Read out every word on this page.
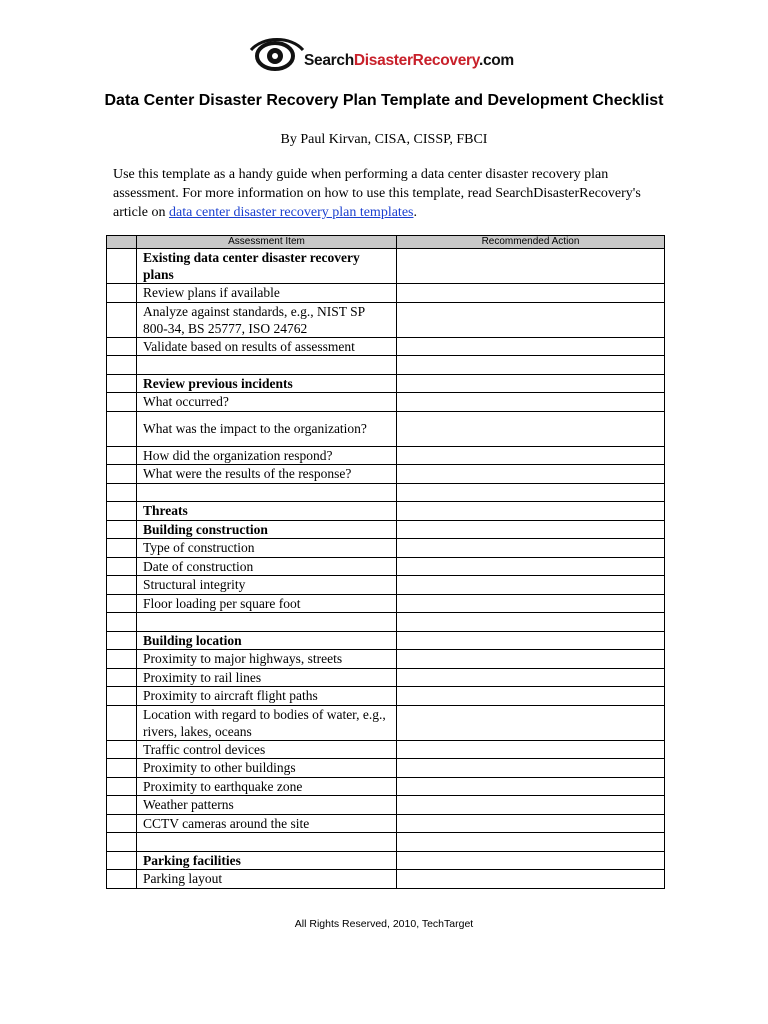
SearchDisasterRecovery.com
Data Center Disaster Recovery Plan Template and Development Checklist
By Paul Kirvan, CISA, CISSP, FBCI
Use this template as a handy guide when performing a data center disaster recovery plan assessment. For more information on how to use this template, read SearchDisasterRecovery's article on data center disaster recovery plan templates.
	Assessment Item	Recommended Action
	Existing data center disaster recovery plans	
	Review plans if available	
	Analyze against standards, e.g., NIST SP 800-34, BS 25777, ISO 24762	
	Validate based on results of assessment	

	Review previous incidents	
	What occurred?	
	What was the impact to the organization?	
	How did the organization respond?	
	What were the results of the response?	

	Threats	
	Building construction	
	Type of construction	
	Date of construction	
	Structural integrity	
	Floor loading per square foot	

	Building location	
	Proximity to major highways, streets	
	Proximity to rail lines	
	Proximity to aircraft flight paths	
	Location with regard to bodies of water, e.g., rivers, lakes, oceans	
	Traffic control devices	
	Proximity to other buildings	
	Proximity to earthquake zone	
	Weather patterns	
	CCTV cameras around the site	

	Parking facilities	
	Parking layout	
All Rights Reserved, 2010, TechTarget
